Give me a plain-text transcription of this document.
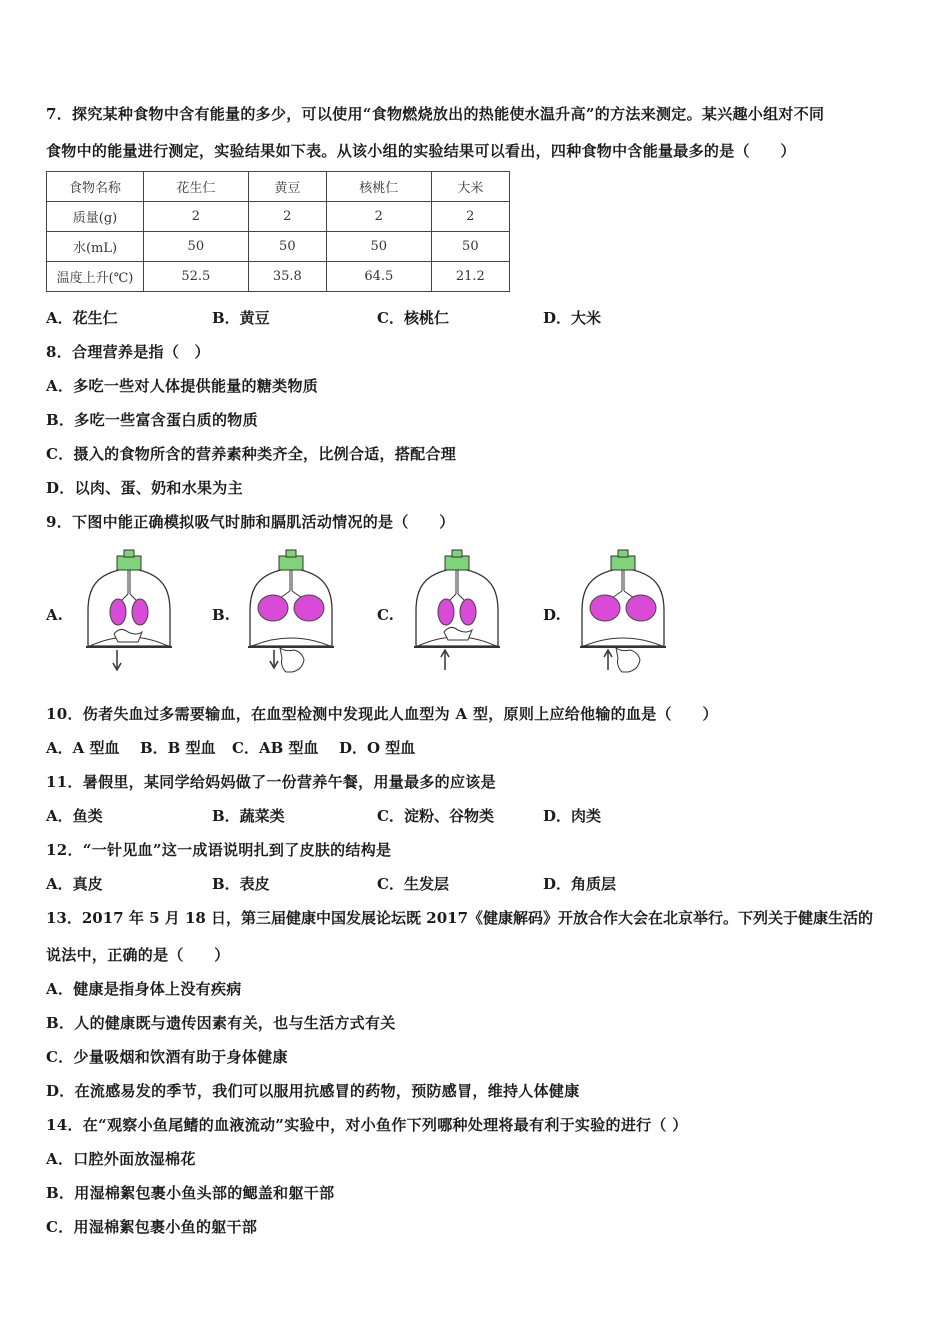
7．探究某种食物中含有能量的多少，可以使用“食物燃烧放出的热能使水温升高”的方法来测定。某兴趣小组对不同
食物中的能量进行测定，实验结果如下表。从该小组的实验结果可以看出，四种食物中含能量最多的是（　　）
食物名称	花生仁	黄豆	核桃仁	大米
质量(g)	2	2	2	2
水(mL)	50	50	50	50
温度上升(℃)	52.5	35.8	64.5	21.2
A．花生仁	B．黄豆	C．核桃仁	D．大米
8．合理营养是指（　）
A．多吃一些对人体提供能量的糖类物质
B．多吃一些富含蛋白质的物质
C．摄入的食物所含的营养素种类齐全，比例合适，搭配合理
D．以肉、蛋、奶和水果为主
9．下图中能正确模拟吸气时肺和膈肌活动情况的是（　　）
A.	B.	C.	D.
10．伤者失血过多需要输血，在血型检测中发现此人血型为 A 型，原则上应给他输的血是（　　）
A．A 型血 B．B 型血 C．AB 型血 D．O 型血
11．暑假里，某同学给妈妈做了一份营养午餐，用量最多的应该是
A．鱼类	B．蔬菜类	C．淀粉、谷物类	D．肉类
12．“一针见血”这一成语说明扎到了皮肤的结构是
A．真皮	B．表皮	C．生发层	D．角质层
13．2017 年 5 月 18 日，第三届健康中国发展论坛既 2017《健康解码》开放合作大会在北京举行。下列关于健康生活的
说法中，正确的是（　　）
A．健康是指身体上没有疾病
B．人的健康既与遗传因素有关，也与生活方式有关
C．少量吸烟和饮酒有助于身体健康
D．在流感易发的季节，我们可以服用抗感冒的药物，预防感冒，维持人体健康
14．在“观察小鱼尾鳍的血液流动”实验中，对小鱼作下列哪种处理将最有利于实验的进行（ ）
A．口腔外面放湿棉花
B．用湿棉絮包裹小鱼头部的鳃盖和躯干部
C．用湿棉絮包裹小鱼的躯干部
